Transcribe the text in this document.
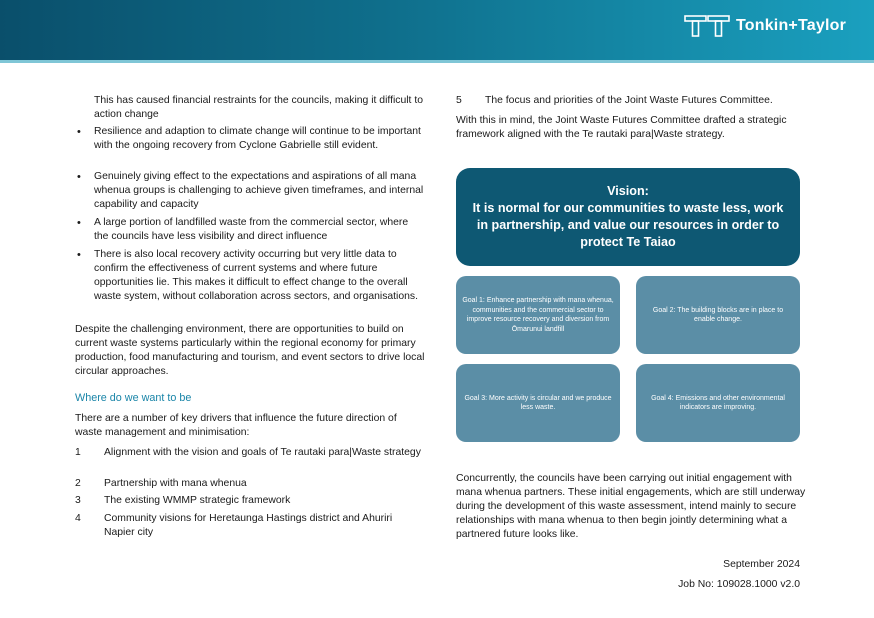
Tonkin+Taylor

This has caused financial restraints for the councils, making it difficult to action change

• Resilience and adaption to climate change will continue to be important with the ongoing recovery from Cyclone Gabrielle still evident.

• Genuinely giving effect to the expectations and aspirations of all mana whenua groups is challenging to achieve given timeframes, and internal capability and capacity

• A large portion of landfilled waste from the commercial sector, where the councils have less visibility and direct influence

• There is also local recovery activity occurring but very little data to confirm the effectiveness of current systems and where future opportunities lie. This makes it difficult to effect change to the overall waste system, without collaboration across sectors, and organisations.

Despite the challenging environment, there are opportunities to build on current waste systems particularly within the regional economy for primary production, food manufacturing and tourism, and event sectors to drive local circular approaches.

Where do we want to be

There are a number of key drivers that influence the future direction of waste management and minimisation:

1 Alignment with the vision and goals of Te rautaki para|Waste strategy

2 Partnership with mana whenua

3 The existing WMMP strategic framework

4 Community visions for Heretaunga Hastings district and Ahuriri Napier city

5 The focus and priorities of the Joint Waste Futures Committee.

With this in mind, the Joint Waste Futures Committee drafted a strategic framework aligned with the Te rautaki para|Waste strategy.

Vision:
It is normal for our communities to waste less, work
in partnership, and value our resources in order to
protect Te Taiao
Goal 1: Enhance partnership with mana whenua, communities and the commercial sector to improve resource recovery and diversion from Ōmarunui landfill
Goal 2: The building blocks are in place to enable change.
Goal 3: More activity is circular and we produce less waste.
Goal 4: Emissions and other environmental indicators are improving.

Concurrently, the councils have been carrying out initial engagement with mana whenua partners. These initial engagements, which are still underway during the development of this waste assessment, intend mainly to secure relationships with mana whenua to then begin jointly determining what a partnered future looks like.

September 2024
Job No: 109028.1000 v2.0
